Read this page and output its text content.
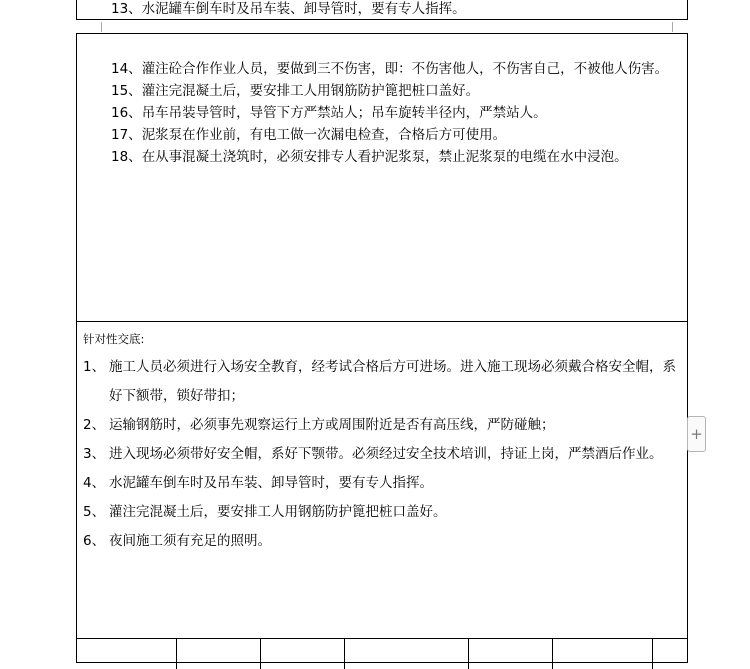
13、水泥罐车倒车时及吊车装、卸导管时，要有专人指挥。
14、 灌注砼合作作业人员，要做到三不伤害，即：不伤害他人，不伤害自己，不被他人伤害。
15、 灌注完混凝土后，要安排工人用钢筋防护篦把桩口盖好。
16、 吊车吊装导管时，导管下方严禁站人；吊车旋转半径内，严禁站人。
17、 泥浆泵在作业前，有电工做一次漏电检查，合格后方可使用。
18、 在从事混凝土浇筑时，必须安排专人看护泥浆泵，禁止泥浆泵的电缆在水中浸泡。
针对性交底:
1、 施工人员必须进行入场安全教育，经考试合格后方可进场。进入施工现场必须戴合格安全帽，系好下额带，锁好带扣；
2、 运输钢筋时，必须事先观察运行上方或周围附近是否有高压线，严防碰触；
3、 进入现场必须带好安全帽，系好下颚带。必须经过安全技术培训，持证上岗，严禁酒后作业。
4、 水泥罐车倒车时及吊车装、卸导管时，要有专人指挥。
5、 灌注完混凝土后，要安排工人用钢筋防护篦把桩口盖好。
6、 夜间施工须有充足的照明。
+
